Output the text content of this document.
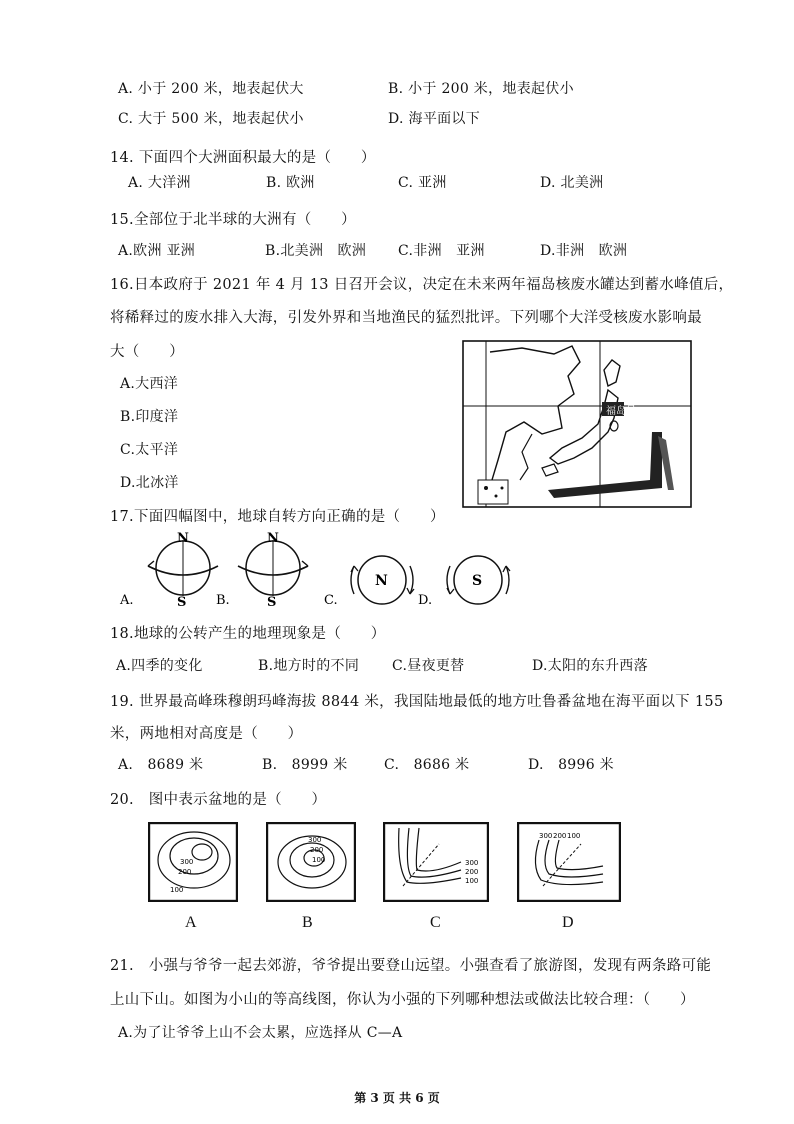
A. 小于 200 米，地表起伏大	B. 小于 200 米，地表起伏小
C. 大于 500 米，地表起伏小	D. 海平面以下
14. 下面四个大洲面积最大的是（　　）
A. 大洋洲	B. 欧洲	C. 亚洲	D. 北美洲
15.全部位于北半球的大洲有（　　）
A.欧洲 亚洲	B.北美洲　欧洲 C.非洲　亚洲	D.非洲　欧洲
16.日本政府于 2021 年 4 月 13 日召开会议，决定在未来两年福岛核废水罐达到蓄水峰值后，
将稀释过的废水排入大海，引发外界和当地渔民的猛烈批评。下列哪个大洋受核废水影响最
大（　　）
A.大西洋
B.印度洋
C.太平洋
D.北冰洋
福岛县
17.下面四幅图中，地球自转方向正确的是（　　）
N
S
A.
N
S
B.
N
C.
S
D.
18.地球的公转产生的地理现象是（　　）
A.四季的变化	B.地方时的不同 C.昼夜更替	D.太阳的东升西落
19. 世界最高峰珠穆朗玛峰海拔 8844 米，我国陆地最低的地方吐鲁番盆地在海平面以下 155
米，两地相对高度是（　　）
A.　8689 米	B.　8999 米	C.　8686 米	D.　8996 米
20.　图中表示盆地的是（　　）
300
200
100
300
200
100	300
200
100
300 200 100
A	B	C	D
21.　小强与爷爷一起去郊游，爷爷提出要登山远望。小强查看了旅游图，发现有两条路可能
上山下山。如图为小山的等高线图，你认为小强的下列哪种想法或做法比较合理：（　　）
A.为了让爷爷上山不会太累，应选择从 C—A
第 3 页 共 6 页
